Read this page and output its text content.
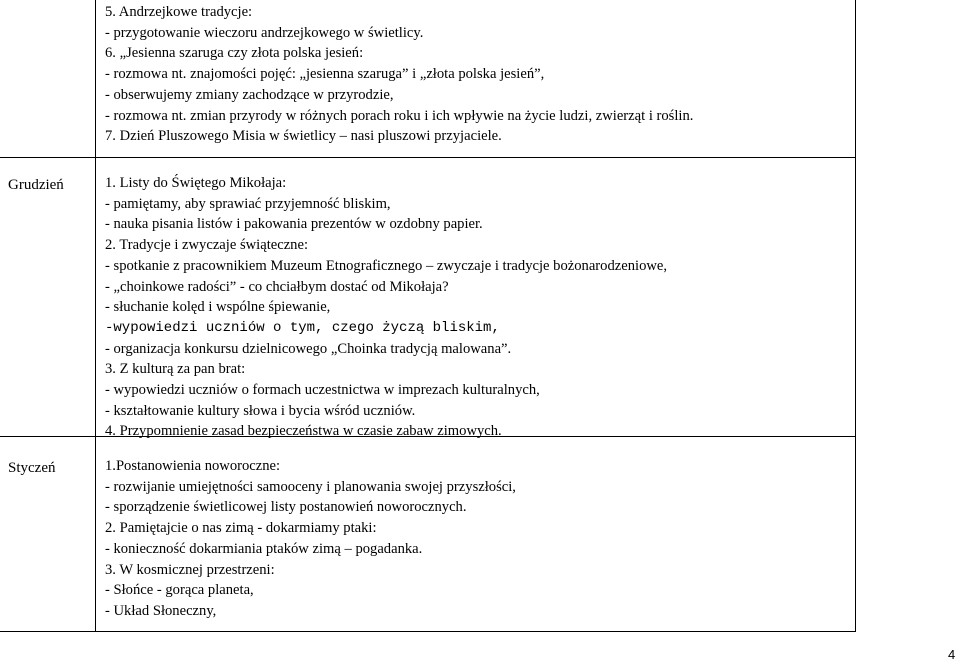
5. Andrzejkowe tradycje:
- przygotowanie wieczoru andrzejkowego w świetlicy.
6. „Jesienna szaruga czy złota polska jesień:
- rozmowa nt. znajomości pojęć: „jesienna szaruga” i „złota polska jesień”,
- obserwujemy zmiany zachodzące w przyrodzie,
- rozmowa nt. zmian przyrody w różnych porach roku i ich wpływie na życie ludzi, zwierząt i roślin.
7. Dzień Pluszowego Misia w świetlicy – nasi pluszowi przyjaciele.
Grudzień	1. Listy do Świętego Mikołaja:
- pamiętamy, aby sprawiać przyjemność bliskim,
- nauka pisania listów i pakowania prezentów w ozdobny papier.
2. Tradycje i zwyczaje świąteczne:
- spotkanie z pracownikiem Muzeum Etnograficznego – zwyczaje i tradycje bożonarodzeniowe,
- „choinkowe radości” - co chciałbym dostać od Mikołaja?
- słuchanie kolęd i wspólne śpiewanie,
-wypowiedzi uczniów o tym, czego życzą bliskim,
- organizacja konkursu dzielnicowego „Choinka tradycją malowana”.
3. Z kulturą za pan brat:
- wypowiedzi uczniów o formach uczestnictwa w imprezach kulturalnych,
- kształtowanie kultury słowa i bycia wśród uczniów.
4. Przypomnienie zasad bezpieczeństwa w czasie zabaw zimowych.
Styczeń	1.Postanowienia noworoczne:
- rozwijanie umiejętności samooceny i planowania swojej przyszłości,
- sporządzenie świetlicowej listy postanowień noworocznych.
2. Pamiętajcie o nas zimą - dokarmiamy ptaki:
- konieczność dokarmiania ptaków zimą – pogadanka.
3. W kosmicznej przestrzeni:
- Słońce - gorąca planeta,
- Układ Słoneczny,
4
